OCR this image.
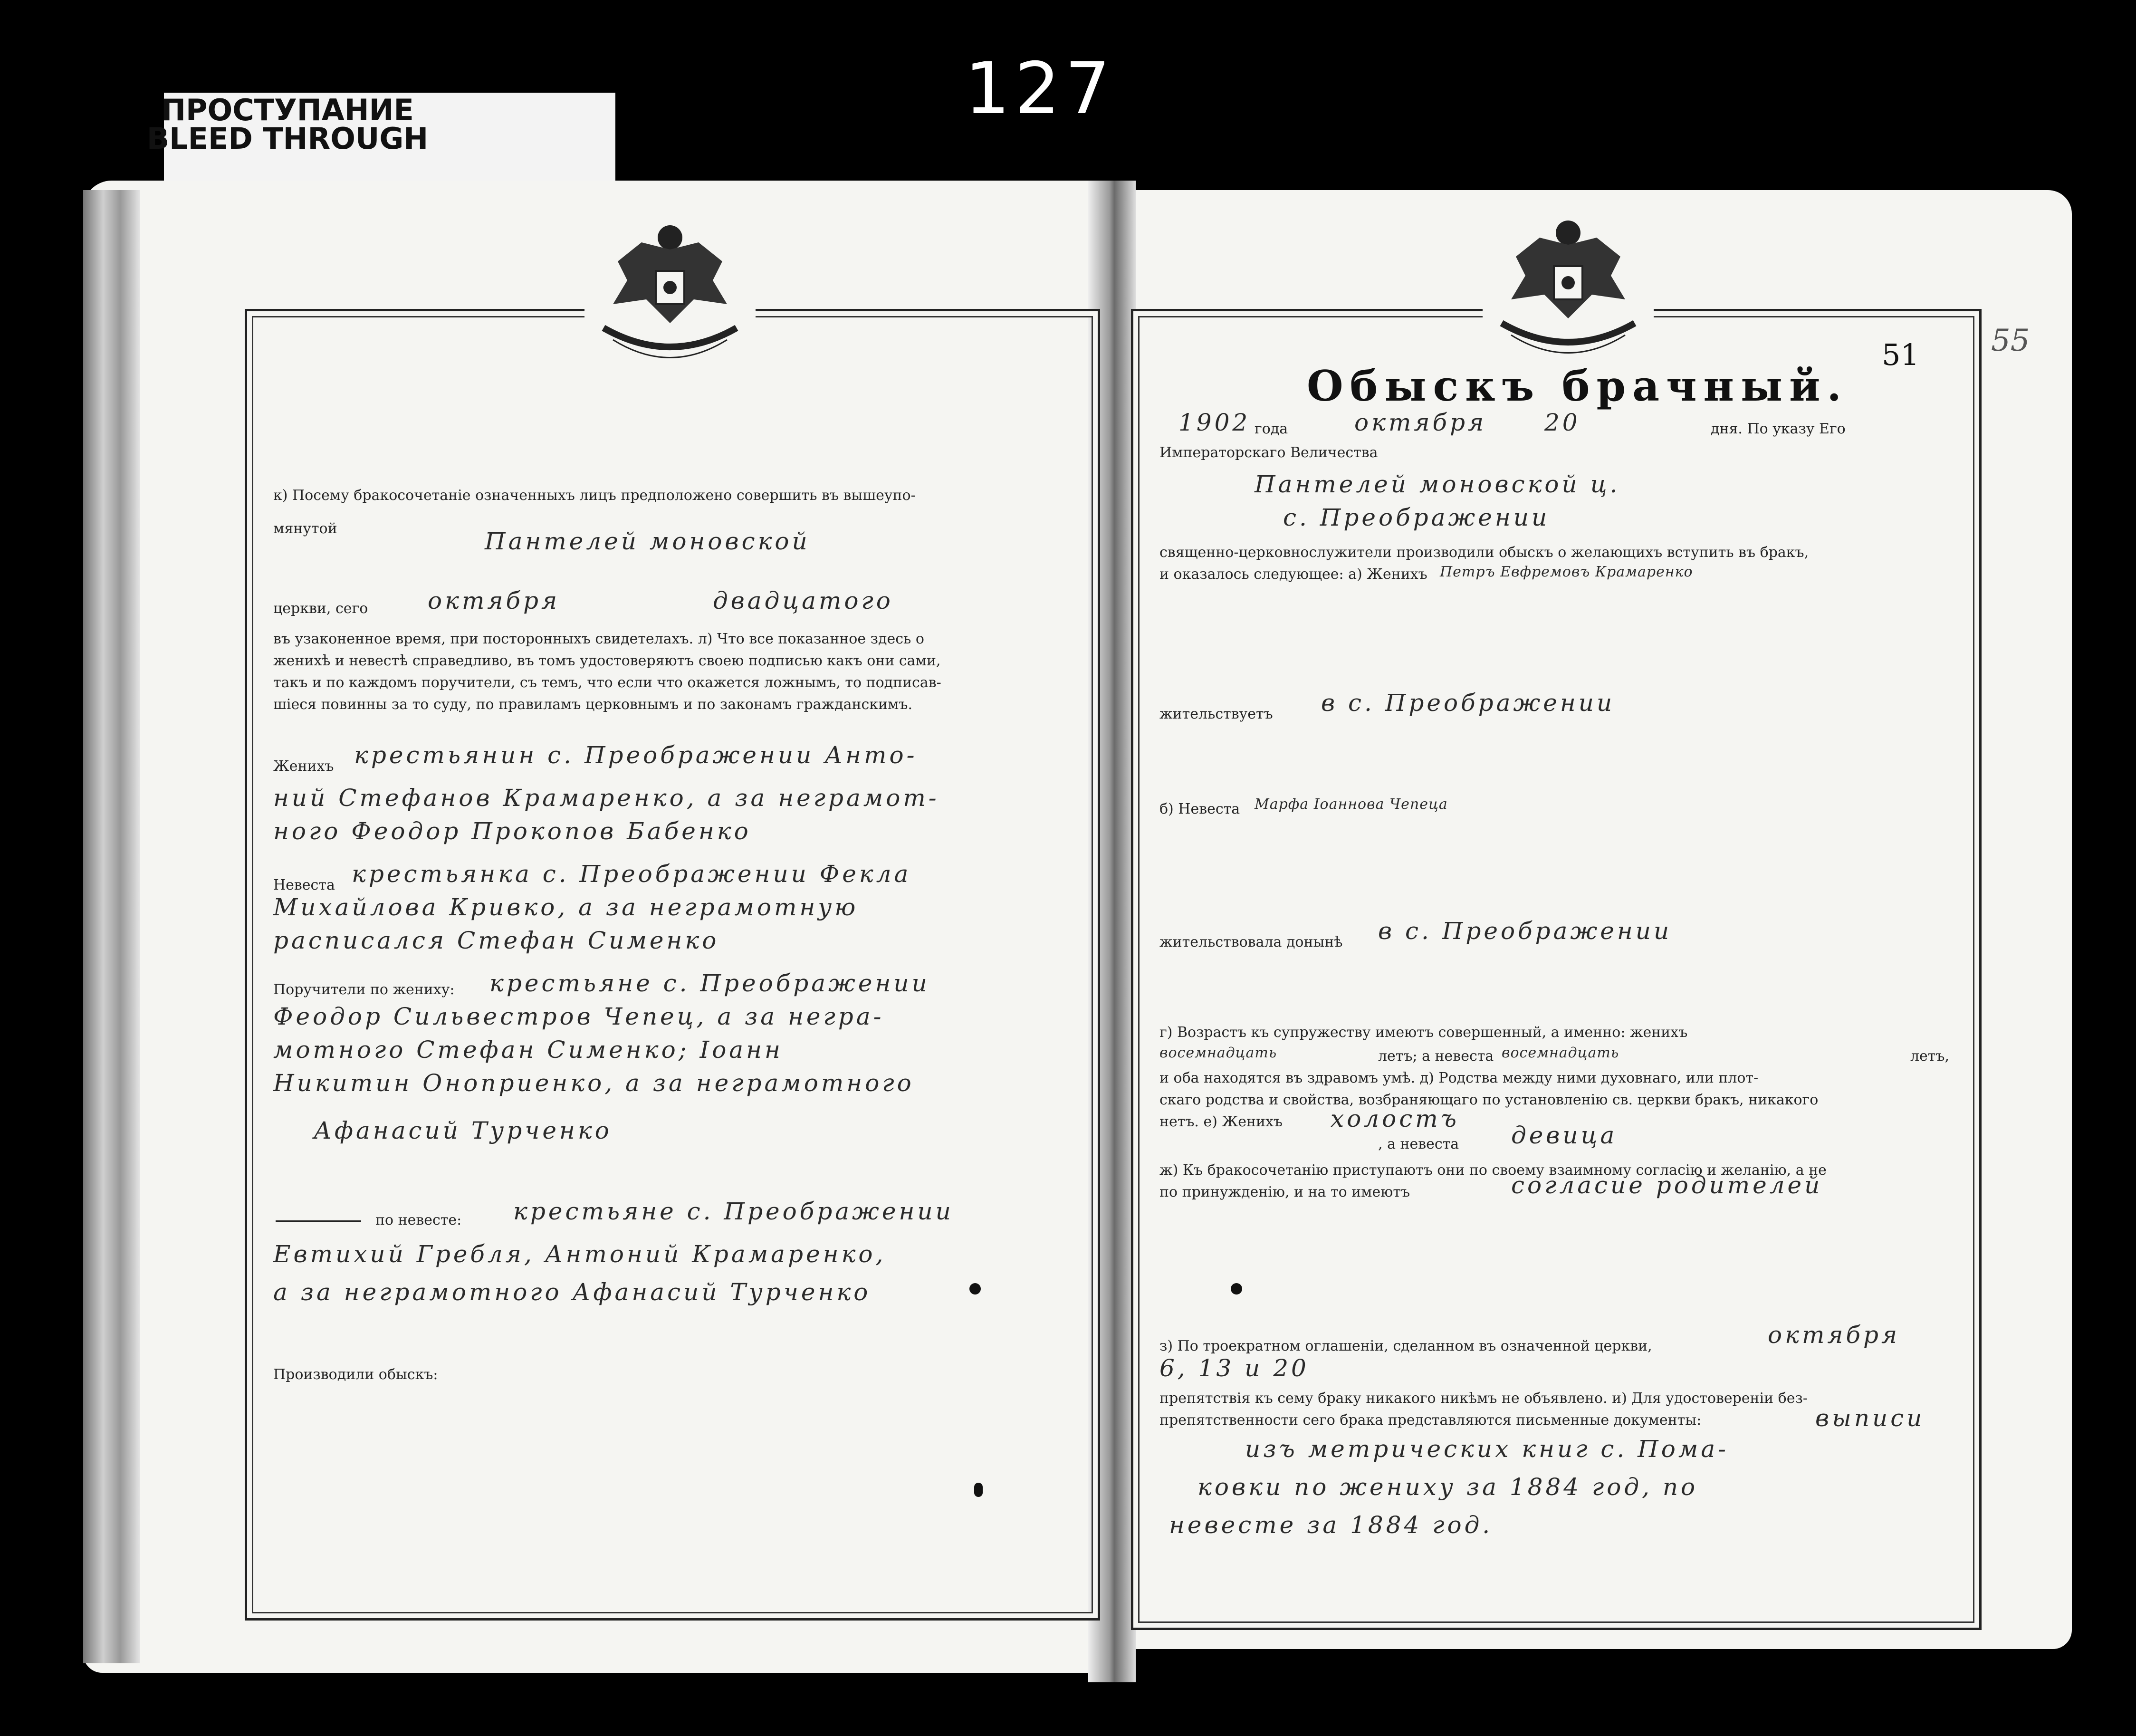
127
ПРОСТУПАНИЕ
BLEED THROUGH
Обыскъ брачный.
51 55
1902 года	октября 20	дня. По указу Его
Императорскаго Величества
Пантелей моновской ц.
с. Преображении
священно-церковнослужители производили обыскъ о желающихъ вступить въ бракъ,
и оказалось следующее: а) Женихъ Петръ Евфремовъ Крамаренко
жительствуетъ в с. Преображении
б) Невеста Марфа Іоаннова Чепеца
жительствовала донынѣ в с. Преображении
г) Возрастъ къ супружеству имеютъ совершенный, а именно: женихъ
восемнадцать	летъ; а невеста восемнадцать	летъ,
и оба находятся въ здравомъ умѣ. д) Родства между ними духовнаго, или плот-
скаго родства и свойства, возбраняющаго по установленію св. церкви бракъ, никакого
нетъ. е) Женихъ холостъ
, а невеста девица
ж) Къ бракосочетанію приступаютъ они по своему взаимному согласію и желанію, а не
по принужденію, и на то имеютъ	согласие родителей
з) По троекратном оглашеніи, сделанном въ означенной церкви,	октября
6, 13 и 20
препятствія къ сему браку никакого никѣмъ не объявлено. и) Для удостовереніи без-
препятственности сего брака представляются письменные документы:	выписи
изъ метрических книг с. Пома-
ковки по жениху за 1884 год, по
невесте за 1884 год.
к) Посему бракосочетаніе означенныхъ лицъ предположено совершить въ вышеупо-
мянутой	Пантелей моновской
церкви, сего	октября	двадцатого
въ узаконенное время, при посторонныхъ свидетелахъ. л) Что все показанное здесь о
женихѣ и невестѣ справедливо, въ томъ удостоверяютъ своею подписью какъ они сами,
такъ и по каждомъ поручители, съ темъ, что если что окажется ложнымъ, то подписав-
шiеся повинны за то суду, по правиламъ церковнымъ и по законамъ гражданскимъ.
Женихъ крестьянин с. Преображении Анто-
ний Стефанов Крамаренко, а за неграмот-
ного Феодор Прокопов Бабенко
Невеста крестьянка с. Преображении Фекла
Михайлова Кривко, а за неграмотную
расписался Стефан Сименко
Поручители по жениху: крестьяне с. Преображении
Феодор Сильвестров Чепец, а за негра-
мотного Стефан Сименко; Іоанн
Никитин Оноприенко, а за неграмотного
Афанасий Турченко
по невесте: крестьяне с. Преображении
Евтихий Гребля, Антоний Крамаренко,
а за неграмотного Афанасий Турченко
Производили обыскъ:
